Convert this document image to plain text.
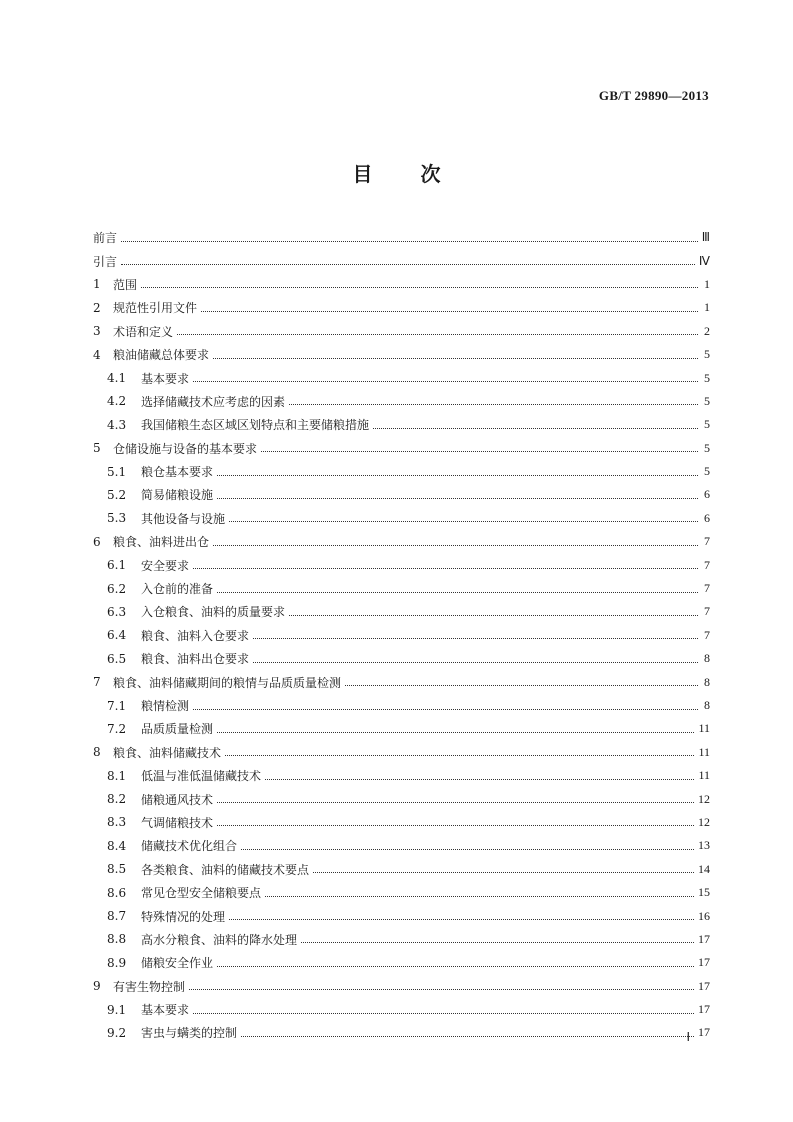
GB/T 29890—2013
目 次
前言	Ⅲ
引言	Ⅳ
1	范围	1
2	规范性引用文件	1
3	术语和定义	2
4	粮油储藏总体要求	5
4.1	基本要求	5
4.2	选择储藏技术应考虑的因素	5
4.3	我国储粮生态区域区划特点和主要储粮措施	5
5	仓储设施与设备的基本要求	5
5.1	粮仓基本要求	5
5.2	简易储粮设施	6
5.3	其他设备与设施	6
6	粮食、油料进出仓	7
6.1	安全要求	7
6.2	入仓前的准备	7
6.3	入仓粮食、油料的质量要求	7
6.4	粮食、油料入仓要求	7
6.5	粮食、油料出仓要求	8
7	粮食、油料储藏期间的粮情与品质质量检测	8
7.1	粮情检测	8
7.2	品质质量检测	11
8	粮食、油料储藏技术	11
8.1	低温与准低温储藏技术	11
8.2	储粮通风技术	12
8.3	气调储粮技术	12
8.4	储藏技术优化组合	13
8.5	各类粮食、油料的储藏技术要点	14
8.6	常见仓型安全储粮要点	15
8.7	特殊情况的处理	16
8.8	高水分粮食、油料的降水处理	17
8.9	储粮安全作业	17
9	有害生物控制	17
9.1	基本要求	17
9.2	害虫与螨类的控制	17
Ⅰ
